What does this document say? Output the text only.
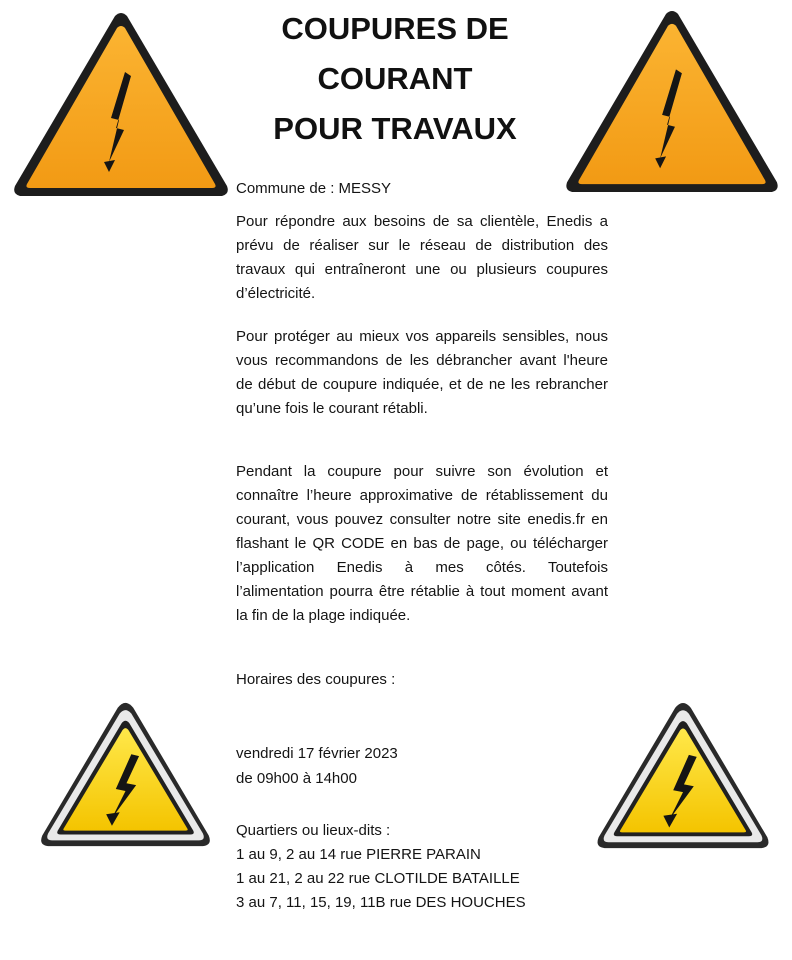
COUPURES DE
COURANT
POUR TRAVAUX
Commune de : MESSY
Pour répondre aux besoins de sa clientèle, Enedis a prévu de réaliser sur le réseau de distribution des travaux qui entraîneront une ou plusieurs coupures d’électricité.
Pour protéger au mieux vos appareils sensibles, nous vous recommandons de les débrancher avant l'heure de début de coupure indiquée, et de ne les rebrancher qu’une fois le courant rétabli.
Pendant la coupure pour suivre son évolution et connaître l’heure approximative de rétablissement du courant, vous pouvez consulter notre site enedis.fr en flashant le QR CODE en bas de page, ou télécharger l’application Enedis à mes côtés. Toutefois l’alimentation pourra être rétablie à tout moment avant la fin de la plage indiquée.
Horaires des coupures :
vendredi 17 février 2023
de 09h00 à 14h00
Quartiers ou lieux-dits :
1 au 9, 2 au 14 rue PIERRE PARAIN
1 au 21, 2 au 22 rue CLOTILDE BATAILLE
3 au 7, 11, 15, 19, 11B rue DES HOUCHES
